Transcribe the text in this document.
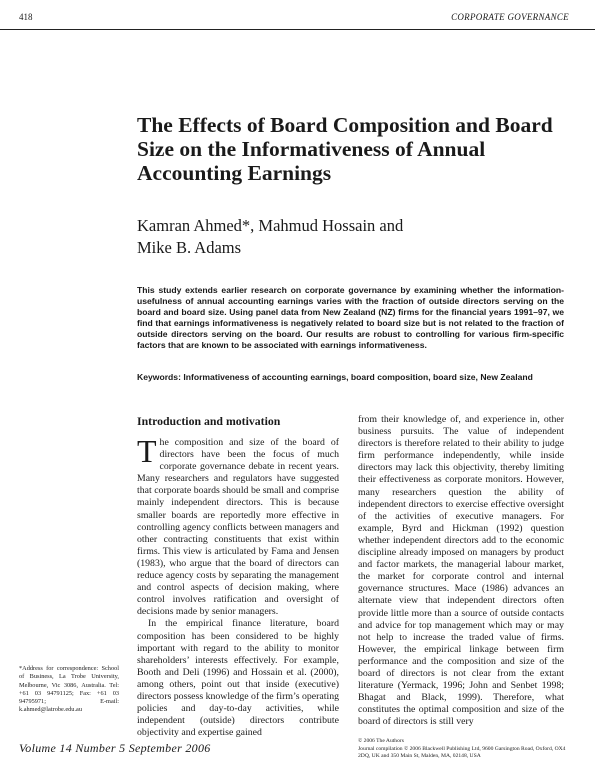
418	CORPORATE GOVERNANCE
The Effects of Board Composition and Board Size on the Informativeness of Annual Accounting Earnings
Kamran Ahmed*, Mahmud Hossain and
Mike B. Adams
This study extends earlier research on corporate governance by examining whether the information-usefulness of annual accounting earnings varies with the fraction of outside directors serving on the board and board size. Using panel data from New Zealand (NZ) firms for the financial years 1991–97, we find that earnings informativeness is negatively related to board size but is not related to the fraction of outside directors serving on the board. Our results are robust to controlling for various firm-specific factors that are known to be associated with earnings informativeness.
Keywords: Informativeness of accounting earnings, board composition, board size, New Zealand
Introduction and motivation

The composition and size of the board of directors have been the focus of much corporate governance debate in recent years. Many researchers and regulators have suggested that corporate boards should be small and comprise mainly independent directors. This is because smaller boards are reportedly more effective in controlling agency conflicts between managers and other contracting constituents that exist within firms. This view is articulated by Fama and Jensen (1983), who argue that the board of directors can reduce agency costs by separating the management and control aspects of decision making, where control involves ratification and oversight of decisions made by senior managers.

In the empirical finance literature, board composition has been considered to be highly important with regard to the ability to monitor shareholders’ interests effectively. For example, Booth and Deli (1996) and Hossain et al. (2000), among others, point out that inside (executive) directors possess knowledge of the firm’s operating policies and day-to-day activities, while independent (outside) directors contribute objectivity and expertise gained

from their knowledge of, and experience in, other business pursuits. The value of independent directors is therefore related to their ability to judge firm performance independently, while inside directors may lack this objectivity, thereby limiting their effectiveness as corporate monitors. However, many researchers question the ability of independent directors to exercise effective oversight of the activities of executive managers. For example, Byrd and Hickman (1992) question whether independent directors add to the economic discipline already imposed on managers by product and factor markets, the managerial labour market, the market for corporate control and internal governance structures. Mace (1986) advances an alternate view that independent directors often provide little more than a source of outside contacts and advice for top management which may or may not help to increase the traded value of firms. However, the empirical linkage between firm performance and the composition and size of the board of directors is not clear from the extant literature (Yermack, 1996; John and Senbet 1998; Bhagat and Black, 1999). Therefore, what constitutes the optimal composition and size of the board of directors is still very

*Address for correspondence: School of Business, La Trobe University, Melbourne, Vic 3086, Australia. Tel: +61 03 94791125; Fax: +61 03 94795971; E-mail: k.ahmed@latrobe.edu.au
Volume 14 Number 5 September 2006	© 2006 The Authors
Journal compilation © 2006 Blackwell Publishing Ltd, 9600 Garsington Road, Oxford, OX4 2DQ, UK and 350 Main St, Malden, MA, 02148, USA
